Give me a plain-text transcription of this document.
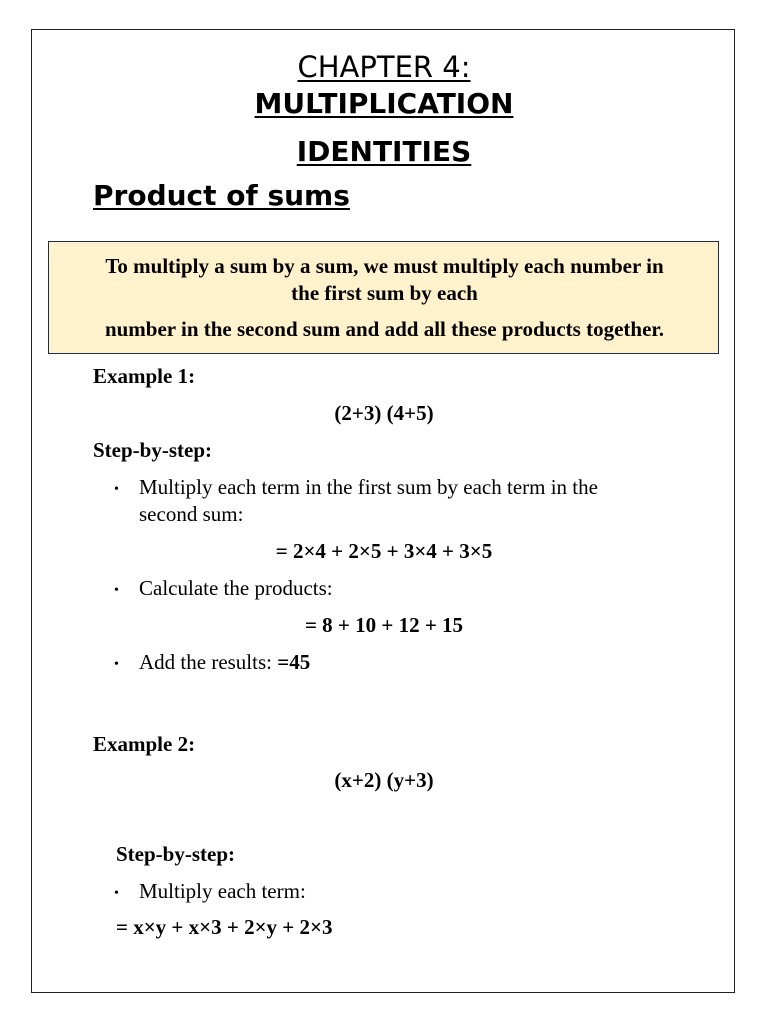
CHAPTER 4:
MULTIPLICATION
IDENTITIES
Product of sums
To multiply a sum by a sum, we must multiply each number in
the first sum by each
number in the second sum and add all these products together.
Example 1:
(2+3) (4+5)
Step-by-step:
• Multiply each term in the first sum by each term in the
second sum:
= 2×4 + 2×5 + 3×4 + 3×5
• Calculate the products:
= 8 + 10 + 12 + 15
• Add the results: =45
Example 2:
(x+2) (y+3)
Step-by-step:
• Multiply each term:
= x×y + x×3 + 2×y + 2×3
